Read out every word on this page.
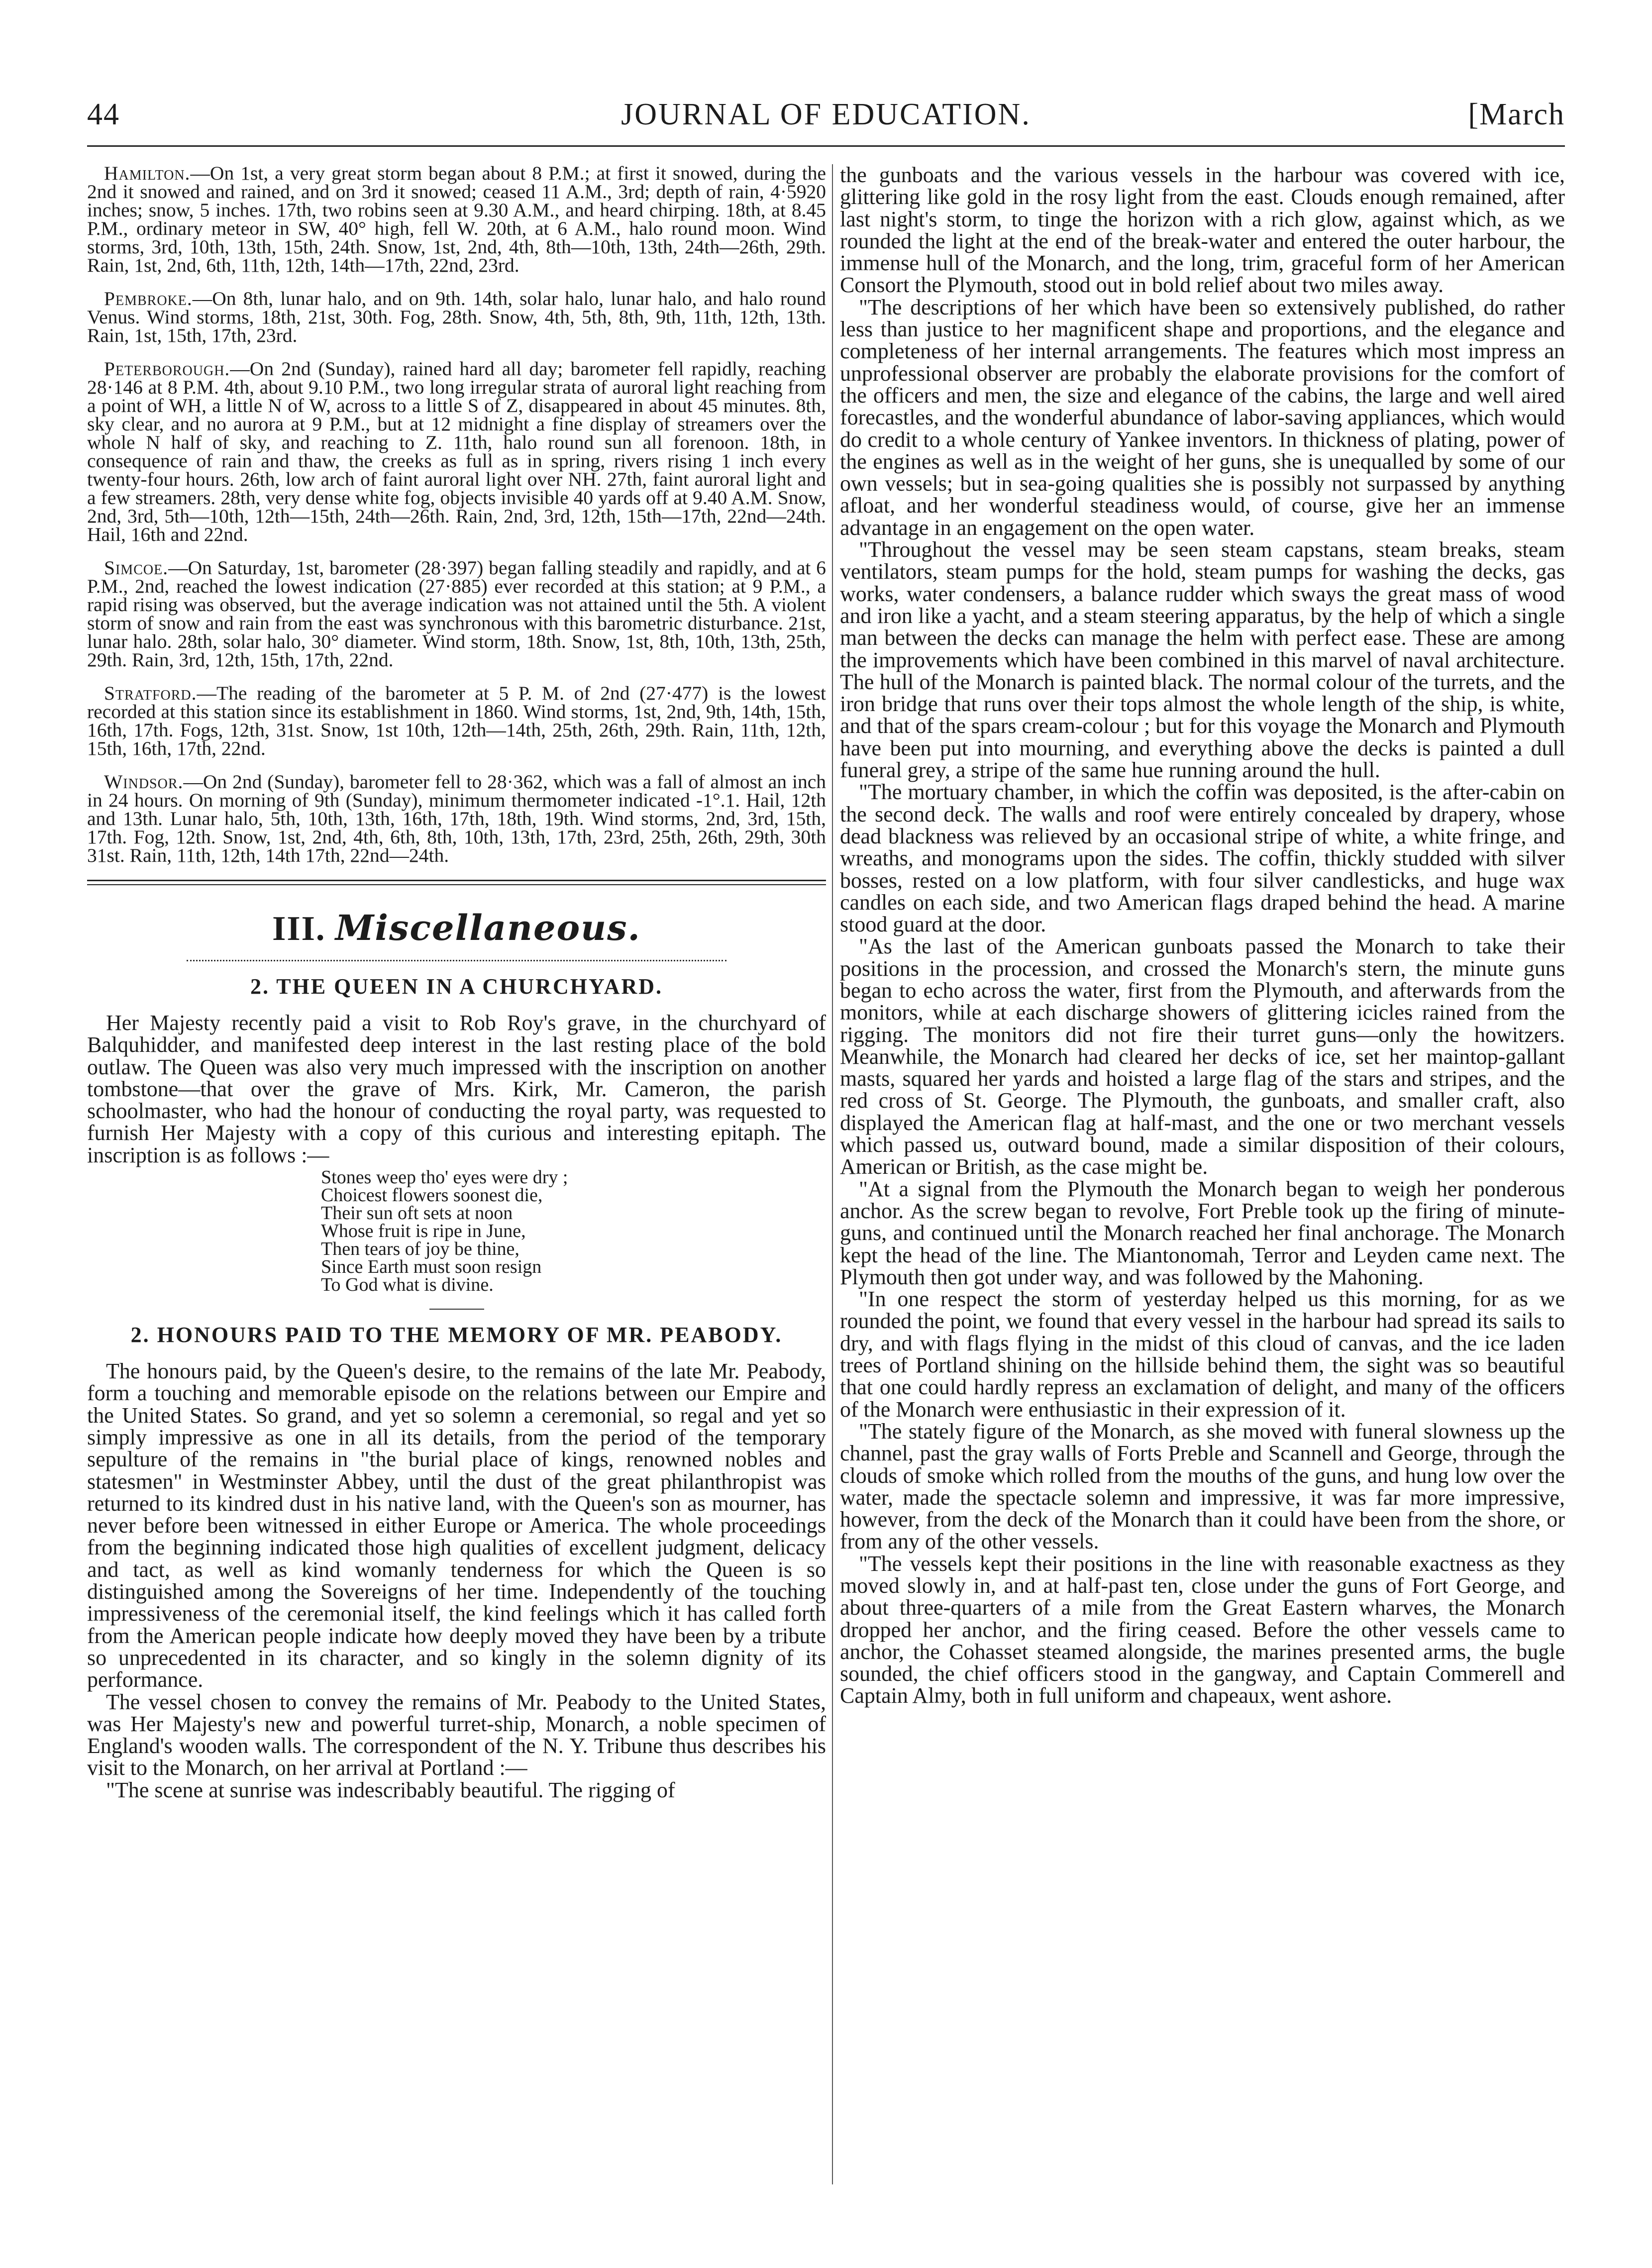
44	JOURNAL OF EDUCATION.	[March

Hamilton.—On 1st, a very great storm began about 8 P.M.; at first it snowed, during the 2nd it snowed and rained, and on 3rd it snowed; ceased 11 A.M., 3rd; depth of rain, 4·5920 inches; snow, 5 inches. 17th, two robins seen at 9.30 A.M., and heard chirping. 18th, at 8.45 P.M., ordinary meteor in SW, 40° high, fell W. 20th, at 6 A.M., halo round moon. Wind storms, 3rd, 10th, 13th, 15th, 24th. Snow, 1st, 2nd, 4th, 8th—10th, 13th, 24th—26th, 29th. Rain, 1st, 2nd, 6th, 11th, 12th, 14th—17th, 22nd, 23rd.

Pembroke.—On 8th, lunar halo, and on 9th. 14th, solar halo, lunar halo, and halo round Venus. Wind storms, 18th, 21st, 30th. Fog, 28th. Snow, 4th, 5th, 8th, 9th, 11th, 12th, 13th. Rain, 1st, 15th, 17th, 23rd.

Peterborough.—On 2nd (Sunday), rained hard all day; barometer fell rapidly, reaching 28·146 at 8 P.M. 4th, about 9.10 P.M., two long irregular strata of auroral light reaching from a point of WH, a little N of W, across to a little S of Z, disappeared in about 45 minutes. 8th, sky clear, and no aurora at 9 P.M., but at 12 midnight a fine display of streamers over the whole N half of sky, and reaching to Z. 11th, halo round sun all forenoon. 18th, in consequence of rain and thaw, the creeks as full as in spring, rivers rising 1 inch every twenty-four hours. 26th, low arch of faint auroral light over NH. 27th, faint auroral light and a few streamers. 28th, very dense white fog, objects invisible 40 yards off at 9.40 A.M. Snow, 2nd, 3rd, 5th—10th, 12th—15th, 24th—26th. Rain, 2nd, 3rd, 12th, 15th—17th, 22nd—24th. Hail, 16th and 22nd.

Simcoe.—On Saturday, 1st, barometer (28·397) began falling steadily and rapidly, and at 6 P.M., 2nd, reached the lowest indication (27·885) ever recorded at this station; at 9 P.M., a rapid rising was observed, but the average indication was not attained until the 5th. A violent storm of snow and rain from the east was synchronous with this barometric disturbance. 21st, lunar halo. 28th, solar halo, 30° diameter. Wind storm, 18th. Snow, 1st, 8th, 10th, 13th, 25th, 29th. Rain, 3rd, 12th, 15th, 17th, 22nd.

Stratford.—The reading of the barometer at 5 P. M. of 2nd (27·477) is the lowest recorded at this station since its establishment in 1860. Wind storms, 1st, 2nd, 9th, 14th, 15th, 16th, 17th. Fogs, 12th, 31st. Snow, 1st 10th, 12th—14th, 25th, 26th, 29th. Rain, 11th, 12th, 15th, 16th, 17th, 22nd.

Windsor.—On 2nd (Sunday), barometer fell to 28·362, which was a fall of almost an inch in 24 hours. On morning of 9th (Sunday), minimum thermometer indicated -1°.1. Hail, 12th and 13th. Lunar halo, 5th, 10th, 13th, 16th, 17th, 18th, 19th. Wind storms, 2nd, 3rd, 15th, 17th. Fog, 12th. Snow, 1st, 2nd, 4th, 6th, 8th, 10th, 13th, 17th, 23rd, 25th, 26th, 29th, 30th 31st. Rain, 11th, 12th, 14th 17th, 22nd—24th.

III. Miscellaneous.
2. THE QUEEN IN A CHURCHYARD.

Her Majesty recently paid a visit to Rob Roy's grave, in the churchyard of Balquhidder, and manifested deep interest in the last resting place of the bold outlaw. The Queen was also very much impressed with the inscription on another tombstone—that over the grave of Mrs. Kirk, Mr. Cameron, the parish schoolmaster, who had the honour of conducting the royal party, was requested to furnish Her Majesty with a copy of this curious and interesting epitaph. The inscription is as follows :—

Stones weep tho' eyes were dry ;
Choicest flowers soonest die,
Their sun oft sets at noon
Whose fruit is ripe in June,
Then tears of joy be thine,
Since Earth must soon resign
To God what is divine.
2. HONOURS PAID TO THE MEMORY OF MR. PEABODY.

The honours paid, by the Queen's desire, to the remains of the late Mr. Peabody, form a touching and memorable episode on the relations between our Empire and the United States. So grand, and yet so solemn a ceremonial, so regal and yet so simply impressive as one in all its details, from the period of the temporary sepulture of the remains in "the burial place of kings, renowned nobles and statesmen" in Westminster Abbey, until the dust of the great philanthropist was returned to its kindred dust in his native land, with the Queen's son as mourner, has never before been witnessed in either Europe or America. The whole proceedings from the beginning indicated those high qualities of excellent judgment, delicacy and tact, as well as kind womanly tenderness for which the Queen is so distinguished among the Sovereigns of her time. Independently of the touching impressiveness of the ceremonial itself, the kind feelings which it has called forth from the American people indicate how deeply moved they have been by a tribute so unprecedented in its character, and so kingly in the solemn dignity of its performance.

The vessel chosen to convey the remains of Mr. Peabody to the United States, was Her Majesty's new and powerful turret-ship, Monarch, a noble specimen of England's wooden walls. The correspondent of the N. Y. Tribune thus describes his visit to the Monarch, on her arrival at Portland :—

"The scene at sunrise was indescribably beautiful. The rigging of

the gunboats and the various vessels in the harbour was covered with ice, glittering like gold in the rosy light from the east. Clouds enough remained, after last night's storm, to tinge the horizon with a rich glow, against which, as we rounded the light at the end of the break-water and entered the outer harbour, the immense hull of the Monarch, and the long, trim, graceful form of her American Consort the Plymouth, stood out in bold relief about two miles away.

"The descriptions of her which have been so extensively published, do rather less than justice to her magnificent shape and proportions, and the elegance and completeness of her internal arrangements. The features which most impress an unprofessional observer are probably the elaborate provisions for the comfort of the officers and men, the size and elegance of the cabins, the large and well aired forecastles, and the wonderful abundance of labor-saving appliances, which would do credit to a whole century of Yankee inventors. In thickness of plating, power of the engines as well as in the weight of her guns, she is unequalled by some of our own vessels; but in sea-going qualities she is possibly not surpassed by anything afloat, and her wonderful steadiness would, of course, give her an immense advantage in an engagement on the open water.

"Throughout the vessel may be seen steam capstans, steam breaks, steam ventilators, steam pumps for the hold, steam pumps for washing the decks, gas works, water condensers, a balance rudder which sways the great mass of wood and iron like a yacht, and a steam steering apparatus, by the help of which a single man between the decks can manage the helm with perfect ease. These are among the improvements which have been combined in this marvel of naval architecture. The hull of the Monarch is painted black. The normal colour of the turrets, and the iron bridge that runs over their tops almost the whole length of the ship, is white, and that of the spars cream-colour ; but for this voyage the Monarch and Plymouth have been put into mourning, and everything above the decks is painted a dull funeral grey, a stripe of the same hue running around the hull.

"The mortuary chamber, in which the coffin was deposited, is the after-cabin on the second deck. The walls and roof were entirely concealed by drapery, whose dead blackness was relieved by an occasional stripe of white, a white fringe, and wreaths, and monograms upon the sides. The coffin, thickly studded with silver bosses, rested on a low platform, with four silver candlesticks, and huge wax candles on each side, and two American flags draped behind the head. A marine stood guard at the door.

"As the last of the American gunboats passed the Monarch to take their positions in the procession, and crossed the Monarch's stern, the minute guns began to echo across the water, first from the Plymouth, and afterwards from the monitors, while at each discharge showers of glittering icicles rained from the rigging. The monitors did not fire their turret guns—only the howitzers. Meanwhile, the Monarch had cleared her decks of ice, set her maintop-gallant masts, squared her yards and hoisted a large flag of the stars and stripes, and the red cross of St. George. The Plymouth, the gunboats, and smaller craft, also displayed the American flag at half-mast, and the one or two merchant vessels which passed us, outward bound, made a similar disposition of their colours, American or British, as the case might be.

"At a signal from the Plymouth the Monarch began to weigh her ponderous anchor. As the screw began to revolve, Fort Preble took up the firing of minute-guns, and continued until the Monarch reached her final anchorage. The Monarch kept the head of the line. The Miantonomah, Terror and Leyden came next. The Plymouth then got under way, and was followed by the Mahoning.

"In one respect the storm of yesterday helped us this morning, for as we rounded the point, we found that every vessel in the harbour had spread its sails to dry, and with flags flying in the midst of this cloud of canvas, and the ice laden trees of Portland shining on the hillside behind them, the sight was so beautiful that one could hardly repress an exclamation of delight, and many of the officers of the Monarch were enthusiastic in their expression of it.

"The stately figure of the Monarch, as she moved with funeral slowness up the channel, past the gray walls of Forts Preble and Scannell and George, through the clouds of smoke which rolled from the mouths of the guns, and hung low over the water, made the spectacle solemn and impressive, it was far more impressive, however, from the deck of the Monarch than it could have been from the shore, or from any of the other vessels.

"The vessels kept their positions in the line with reasonable exactness as they moved slowly in, and at half-past ten, close under the guns of Fort George, and about three-quarters of a mile from the Great Eastern wharves, the Monarch dropped her anchor, and the firing ceased. Before the other vessels came to anchor, the Cohasset steamed alongside, the marines presented arms, the bugle sounded, the chief officers stood in the gangway, and Captain Commerell and Captain Almy, both in full uniform and chapeaux, went ashore.
